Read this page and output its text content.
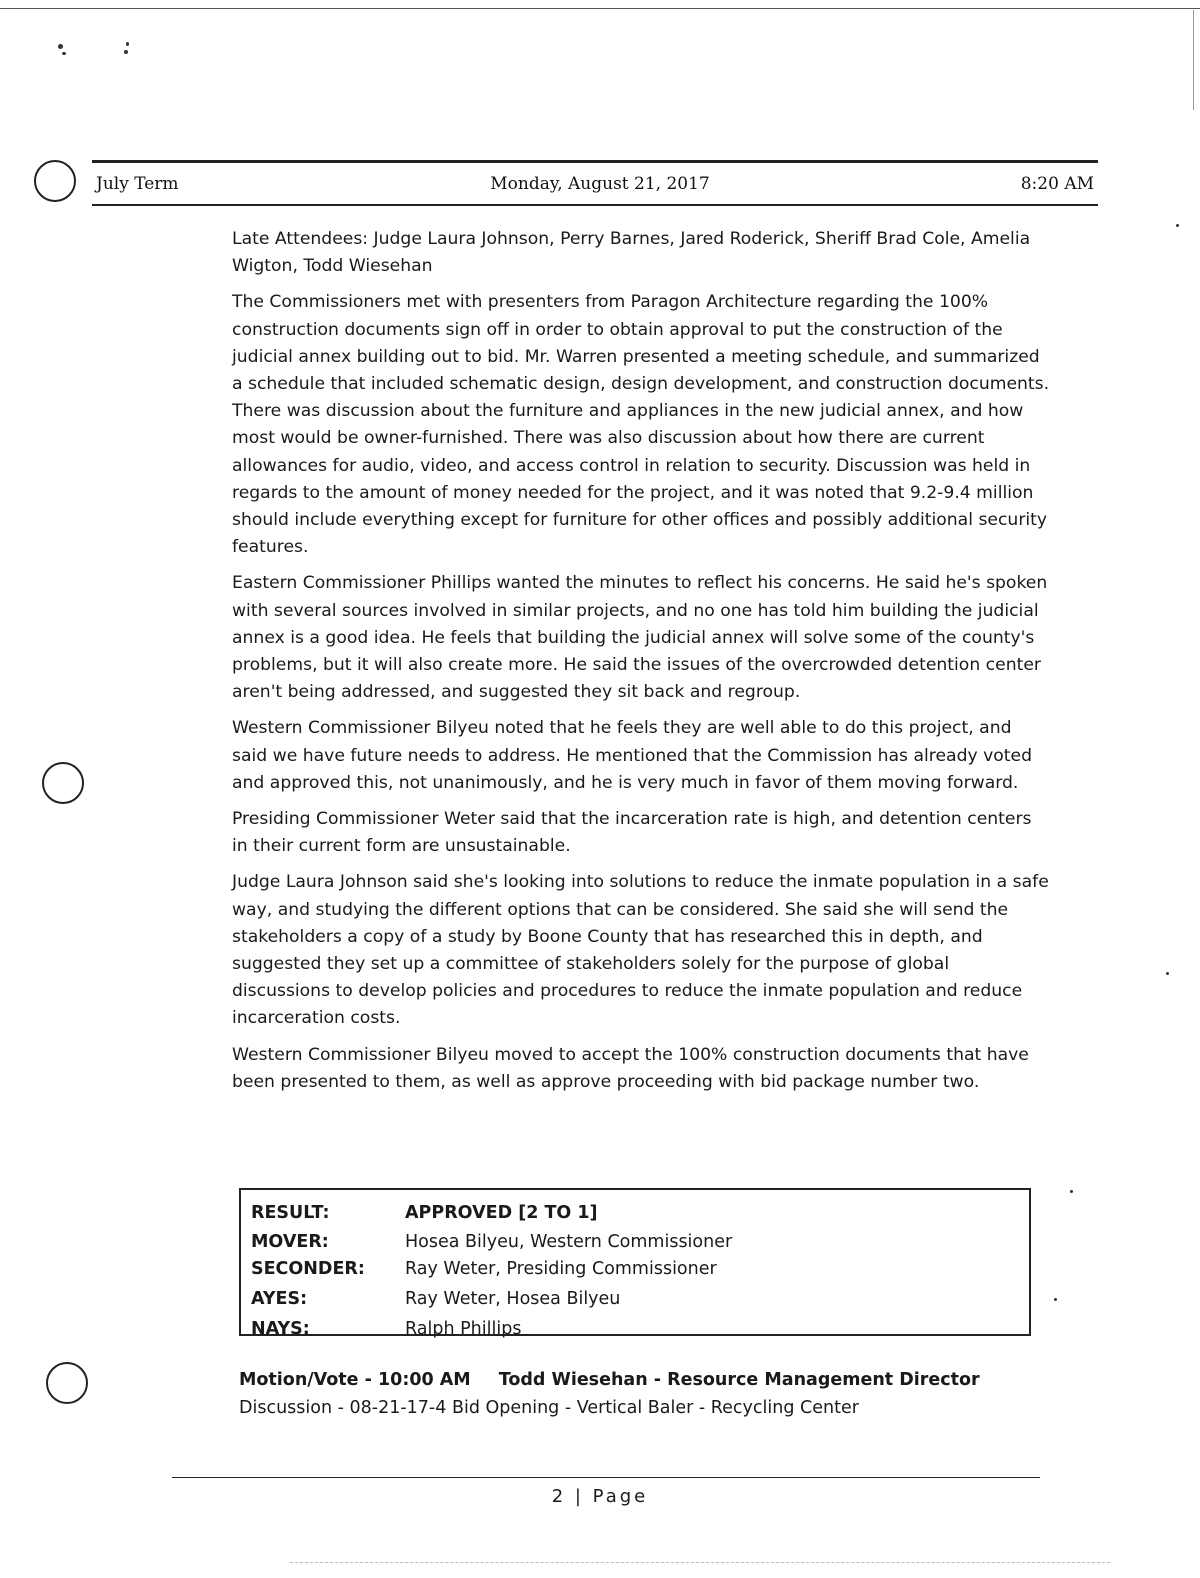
July Term	Monday, August 21, 2017	8:20 AM

Late Attendees: Judge Laura Johnson, Perry Barnes, Jared Roderick, Sheriff Brad Cole, Amelia Wigton, Todd Wiesehan

The Commissioners met with presenters from Paragon Architecture regarding the 100% construction documents sign off in order to obtain approval to put the construction of the judicial annex building out to bid. Mr. Warren presented a meeting schedule, and summarized a schedule that included schematic design, design development, and construction documents. There was discussion about the furniture and appliances in the new judicial annex, and how most would be owner-furnished. There was also discussion about how there are current allowances for audio, video, and access control in relation to security. Discussion was held in regards to the amount of money needed for the project, and it was noted that 9.2-9.4 million should include everything except for furniture for other offices and possibly additional security features.

Eastern Commissioner Phillips wanted the minutes to reflect his concerns. He said he's spoken with several sources involved in similar projects, and no one has told him building the judicial annex is a good idea. He feels that building the judicial annex will solve some of the county's problems, but it will also create more. He said the issues of the overcrowded detention center aren't being addressed, and suggested they sit back and regroup.

Western Commissioner Bilyeu noted that he feels they are well able to do this project, and said we have future needs to address. He mentioned that the Commission has already voted and approved this, not unanimously, and he is very much in favor of them moving forward.

Presiding Commissioner Weter said that the incarceration rate is high, and detention centers in their current form are unsustainable.

Judge Laura Johnson said she's looking into solutions to reduce the inmate population in a safe way, and studying the different options that can be considered. She said she will send the stakeholders a copy of a study by Boone County that has researched this in depth, and suggested they set up a committee of stakeholders solely for the purpose of global discussions to develop policies and procedures to reduce the inmate population and reduce incarceration costs.

Western Commissioner Bilyeu moved to accept the 100% construction documents that have been presented to them, as well as approve proceeding with bid package number two.

RESULT:	APPROVED [2 TO 1]
MOVER:	Hosea Bilyeu, Western Commissioner
SECONDER:	Ray Weter, Presiding Commissioner
AYES:	Ray Weter, Hosea Bilyeu
NAYS:	Ralph Phillips
Motion/Vote - 10:00 AM Todd Wiesehan - Resource Management Director
Discussion - 08-21-17-4 Bid Opening - Vertical Baler - Recycling Center
2 | Page
